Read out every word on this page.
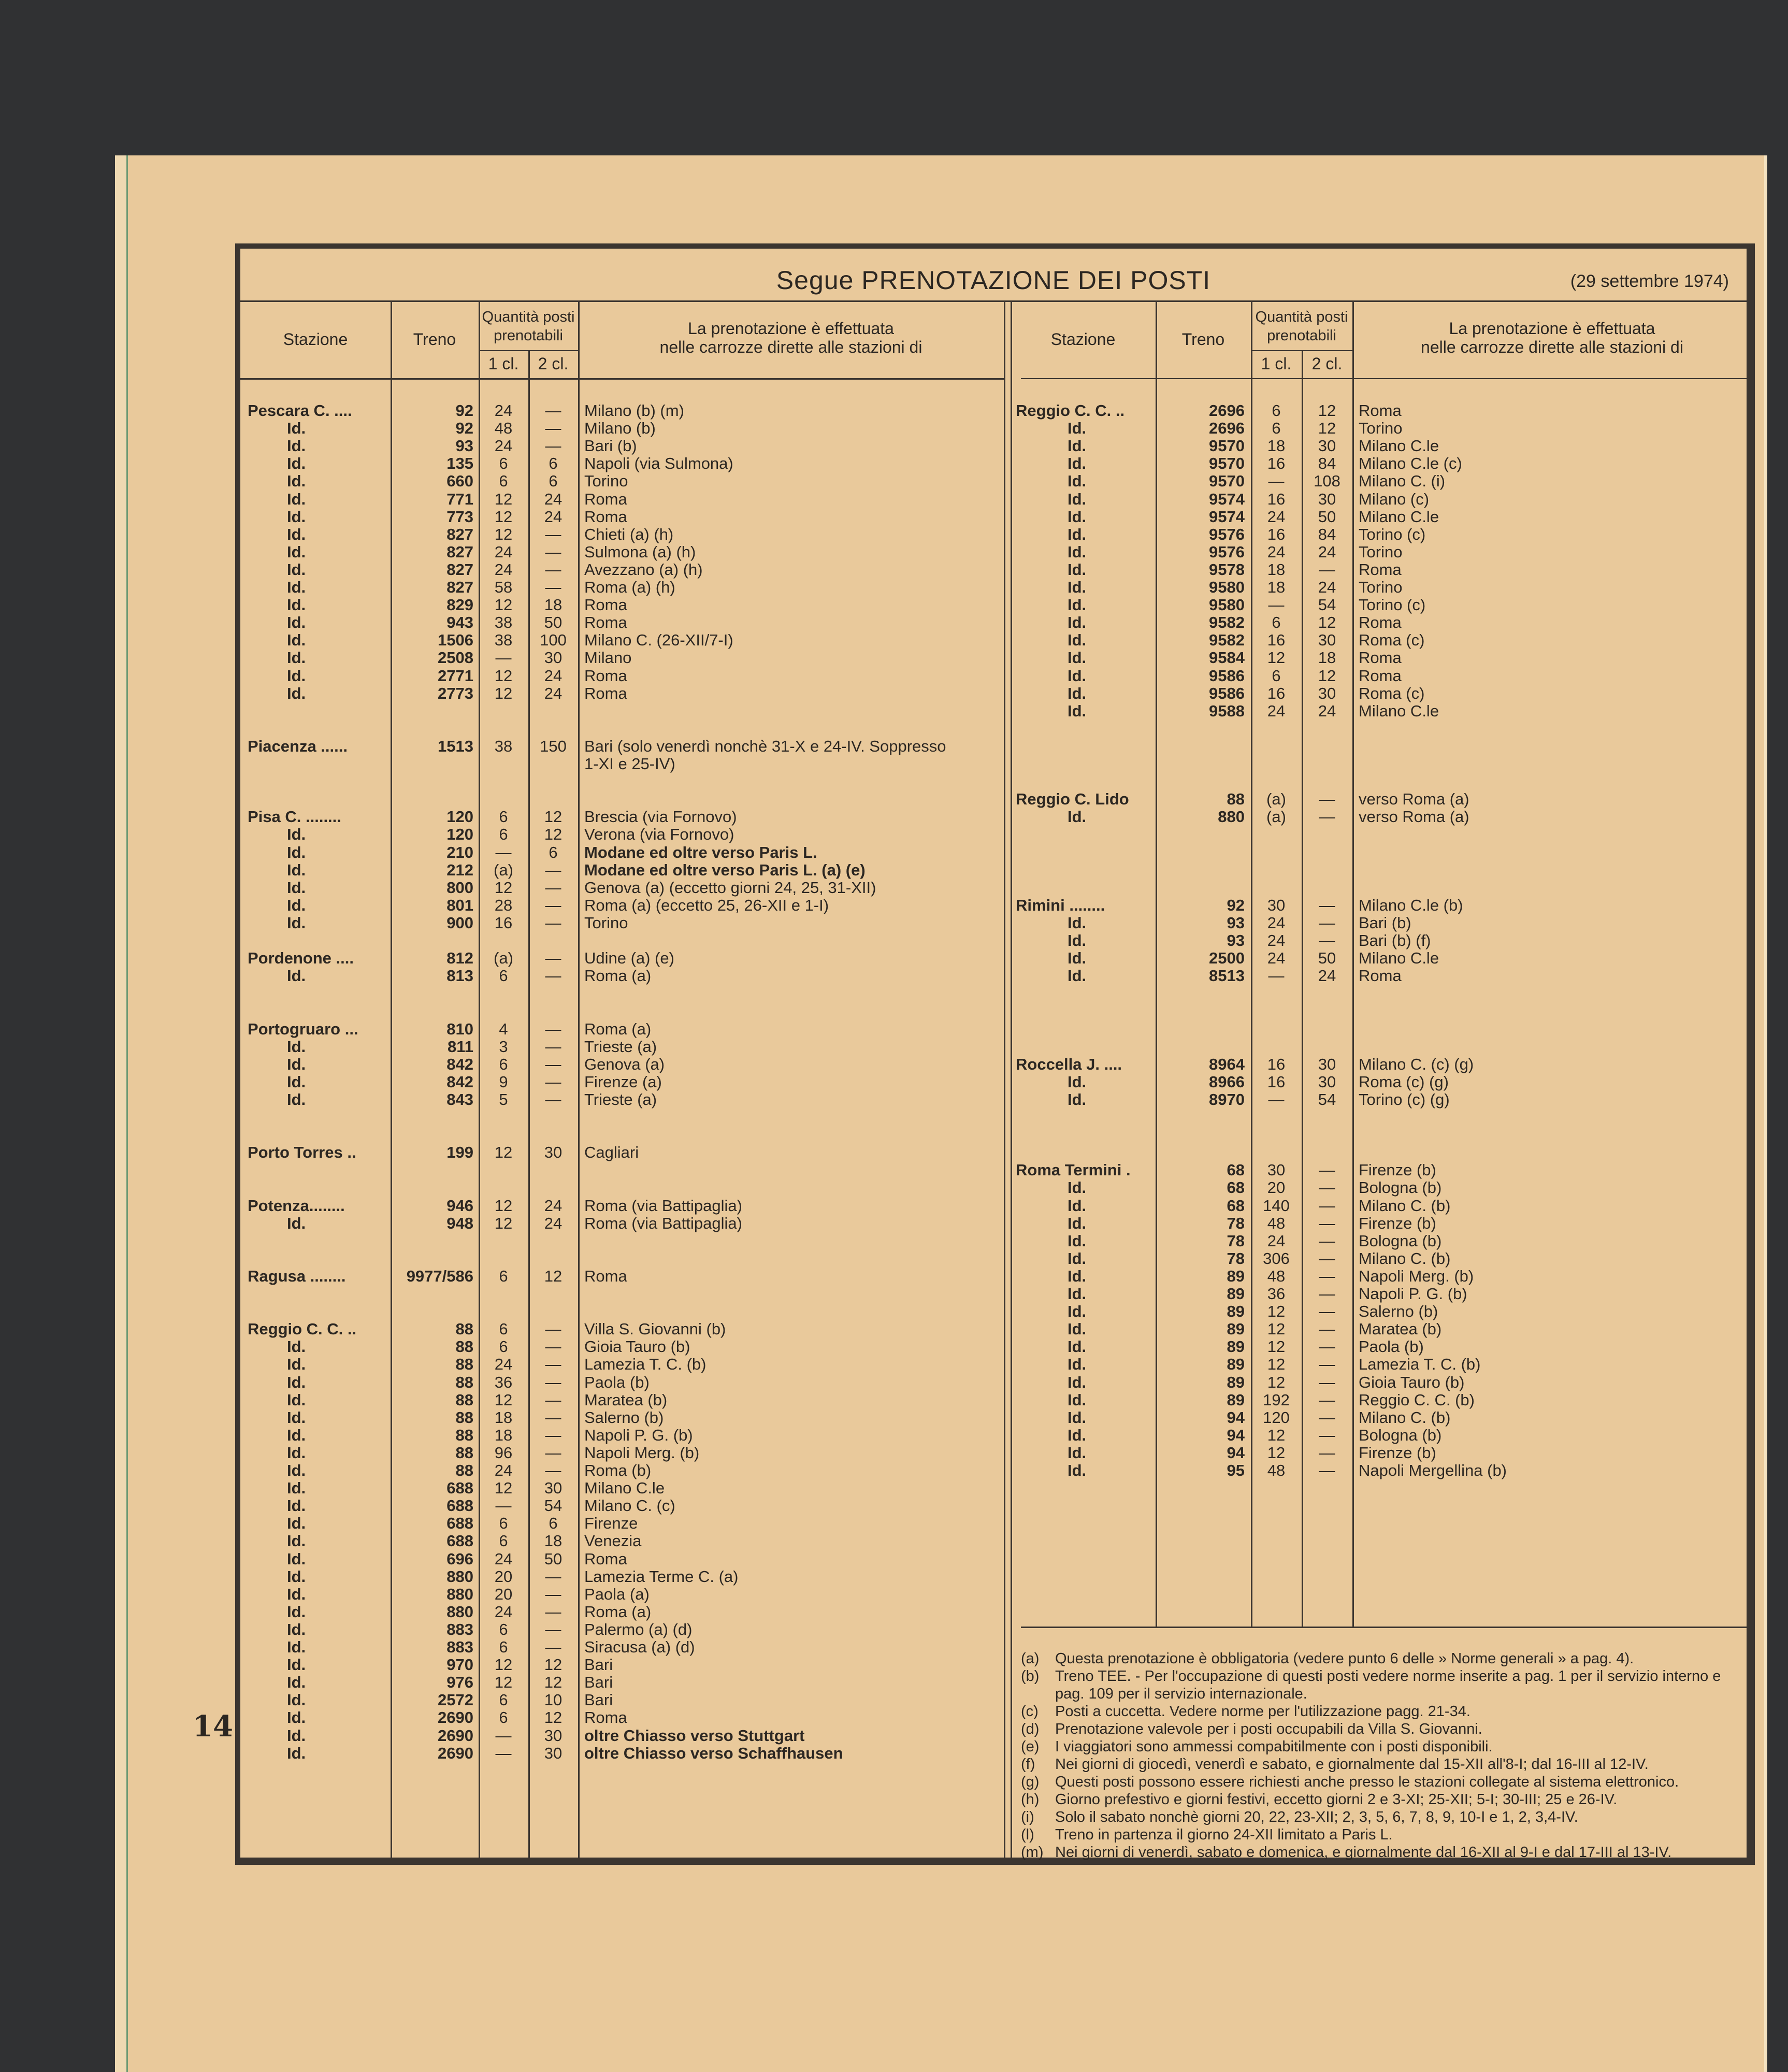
Segue PRENOTAZIONE DEI POSTI	(29 settembre 1974)
Stazione	Treno
Quantità posti
prenotabili
1 cl.	2 cl.
La prenotazione è effettuata
nelle carrozze dirette alle stazioni di
Pescara C. ....	92	24	—	Milano (b) (m)
Id.	92	48	—	Milano (b)
Id.	93	24	—	Bari (b)
Id.	135	6	6	Napoli (via Sulmona)
Id.	660	6	6	Torino
Id.	771	12	24	Roma
Id.	773	12	24	Roma
Id.	827	12	—	Chieti (a) (h)
Id.	827	24	—	Sulmona (a) (h)
Id.	827	24	—	Avezzano (a) (h)
Id.	827	58	—	Roma (a) (h)
Id.	829	12	18	Roma
Id.	943	38	50	Roma
Id.	1506	38	100	Milano C. (26-XII/7-I)
Id.	2508	—	30	Milano
Id.	2771	12	24	Roma
Id.	2773	12	24	Roma
Piacenza ......	1513	38	150	Bari (solo venerdì nonchè 31-X e 24-IV. Soppresso
1-XI e 25-IV)
Pisa C. ........	120	6	12	Brescia (via Fornovo)
Id.	120	6	12	Verona (via Fornovo)
Id.	210	—	6	Modane ed oltre verso Paris L.
Id.	212	(a)	—	Modane ed oltre verso Paris L. (a) (e)
Id.	800	12	—	Genova (a) (eccetto giorni 24, 25, 31-XII)
Id.	801	28	—	Roma (a) (eccetto 25, 26-XII e 1-I)
Id.	900	16	—	Torino
Pordenone ....	812	(a)	—	Udine (a) (e)
Id.	813	6	—	Roma (a)
Portogruaro ...	810	4	—	Roma (a)
Id.	811	3	—	Trieste (a)
Id.	842	6	—	Genova (a)
Id.	842	9	—	Firenze (a)
Id.	843	5	—	Trieste (a)
Porto Torres ..	199	12	30	Cagliari
Potenza........	946	12	24	Roma (via Battipaglia)
Id.	948	12	24	Roma (via Battipaglia)
Ragusa ........	9977/586	6	12	Roma
Reggio C. C. ..	88	6	—	Villa S. Giovanni (b)
Id.	88	6	—	Gioia Tauro (b)
Id.	88	24	—	Lamezia T. C. (b)
Id.	88	36	—	Paola (b)
Id.	88	12	—	Maratea (b)
Id.	88	18	—	Salerno (b)
Id.	88	18	—	Napoli P. G. (b)
Id.	88	96	—	Napoli Merg. (b)
Id.	88	24	—	Roma (b)
Id.	688	12	30	Milano C.le
Id.	688	—	54	Milano C. (c)
Id.	688	6	6	Firenze
Id.	688	6	18	Venezia
Id.	696	24	50	Roma
Id.	880	20	—	Lamezia Terme C. (a)
Id.	880	20	—	Paola (a)
Id.	880	24	—	Roma (a)
Id.	883	6	—	Palermo (a) (d)
Id.	883	6	—	Siracusa (a) (d)
Id.	970	12	12	Bari
Id.	976	12	12	Bari
Id.	2572	6	10	Bari
Id.	2690	6	12	Roma
Id.	2690	—	30	oltre Chiasso verso Stuttgart
Id.	2690	—	30	oltre Chiasso verso Schaffhausen
Stazione	Treno
Quantità posti
prenotabili
1 cl.	2 cl.
La prenotazione è effettuata
nelle carrozze dirette alle stazioni di
Reggio C. C. ..	2696	6	12	Roma
Id.	2696	6	12	Torino
Id.	9570	18	30	Milano C.le
Id.	9570	16	84	Milano C.le (c)
Id.	9570	—	108	Milano C. (i)
Id.	9574	16	30	Milano (c)
Id.	9574	24	50	Milano C.le
Id.	9576	16	84	Torino (c)
Id.	9576	24	24	Torino
Id.	9578	18	—	Roma
Id.	9580	18	24	Torino
Id.	9580	—	54	Torino (c)
Id.	9582	6	12	Roma
Id.	9582	16	30	Roma (c)
Id.	9584	12	18	Roma
Id.	9586	6	12	Roma
Id.	9586	16	30	Roma (c)
Id.	9588	24	24	Milano C.le
Reggio C. Lido	88	(a)	—	verso Roma (a)
Id.	880	(a)	—	verso Roma (a)
Rimini ........	92	30	—	Milano C.le (b)
Id.	93	24	—	Bari (b)
Id.	93	24	—	Bari (b) (f)
Id.	2500	24	50	Milano C.le
Id.	8513	—	24	Roma
Roccella J. ....	8964	16	30	Milano C. (c) (g)
Id.	8966	16	30	Roma (c) (g)
Id.	8970	—	54	Torino (c) (g)
Roma Termini .	68	30	—	Firenze (b)
Id.	68	20	—	Bologna (b)
Id.	68	140	—	Milano C. (b)
Id.	78	48	—	Firenze (b)
Id.	78	24	—	Bologna (b)
Id.	78	306	—	Milano C. (b)
Id.	89	48	—	Napoli Merg. (b)
Id.	89	36	—	Napoli P. G. (b)
Id.	89	12	—	Salerno (b)
Id.	89	12	—	Maratea (b)
Id.	89	12	—	Paola (b)
Id.	89	12	—	Lamezia T. C. (b)
Id.	89	12	—	Gioia Tauro (b)
Id.	89	192	—	Reggio C. C. (b)
Id.	94	120	—	Milano C. (b)
Id.	94	12	—	Bologna (b)
Id.	94	12	—	Firenze (b)
Id.	95	48	—	Napoli Mergellina (b)
(a) Questa prenotazione è obbligatoria (vedere punto 6 delle » Norme generali » a pag. 4).
(b) Treno TEE. - Per l'occupazione di questi posti vedere norme inserite a pag. 1 per il servizio interno e pag. 109 per il servizio internazionale.
(c) Posti a cuccetta. Vedere norme per l'utilizzazione pagg. 21-34.
(d) Prenotazione valevole per i posti occupabili da Villa S. Giovanni.
(e) I viaggiatori sono ammessi compabitilmente con i posti disponibili.
(f) Nei giorni di giocedì, venerdì e sabato, e giornalmente dal 15-XII all'8-I; dal 16-III al 12-IV.
(g) Questi posti possono essere richiesti anche presso le stazioni collegate al sistema elettronico.
(h) Giorno prefestivo e giorni festivi, eccetto giorni 2 e 3-XI; 25-XII; 5-I; 30-III; 25 e 26-IV.
(i) Solo il sabato nonchè giorni 20, 22, 23-XII; 2, 3, 5, 6, 7, 8, 9, 10-I e 1, 2, 3,4-IV.
(l) Treno in partenza il giorno 24-XII limitato a Paris L.
(m) Nei giorni di venerdì, sabato e domenica, e giornalmente dal 16-XII al 9-I e dal 17-III al 13-IV.
14
